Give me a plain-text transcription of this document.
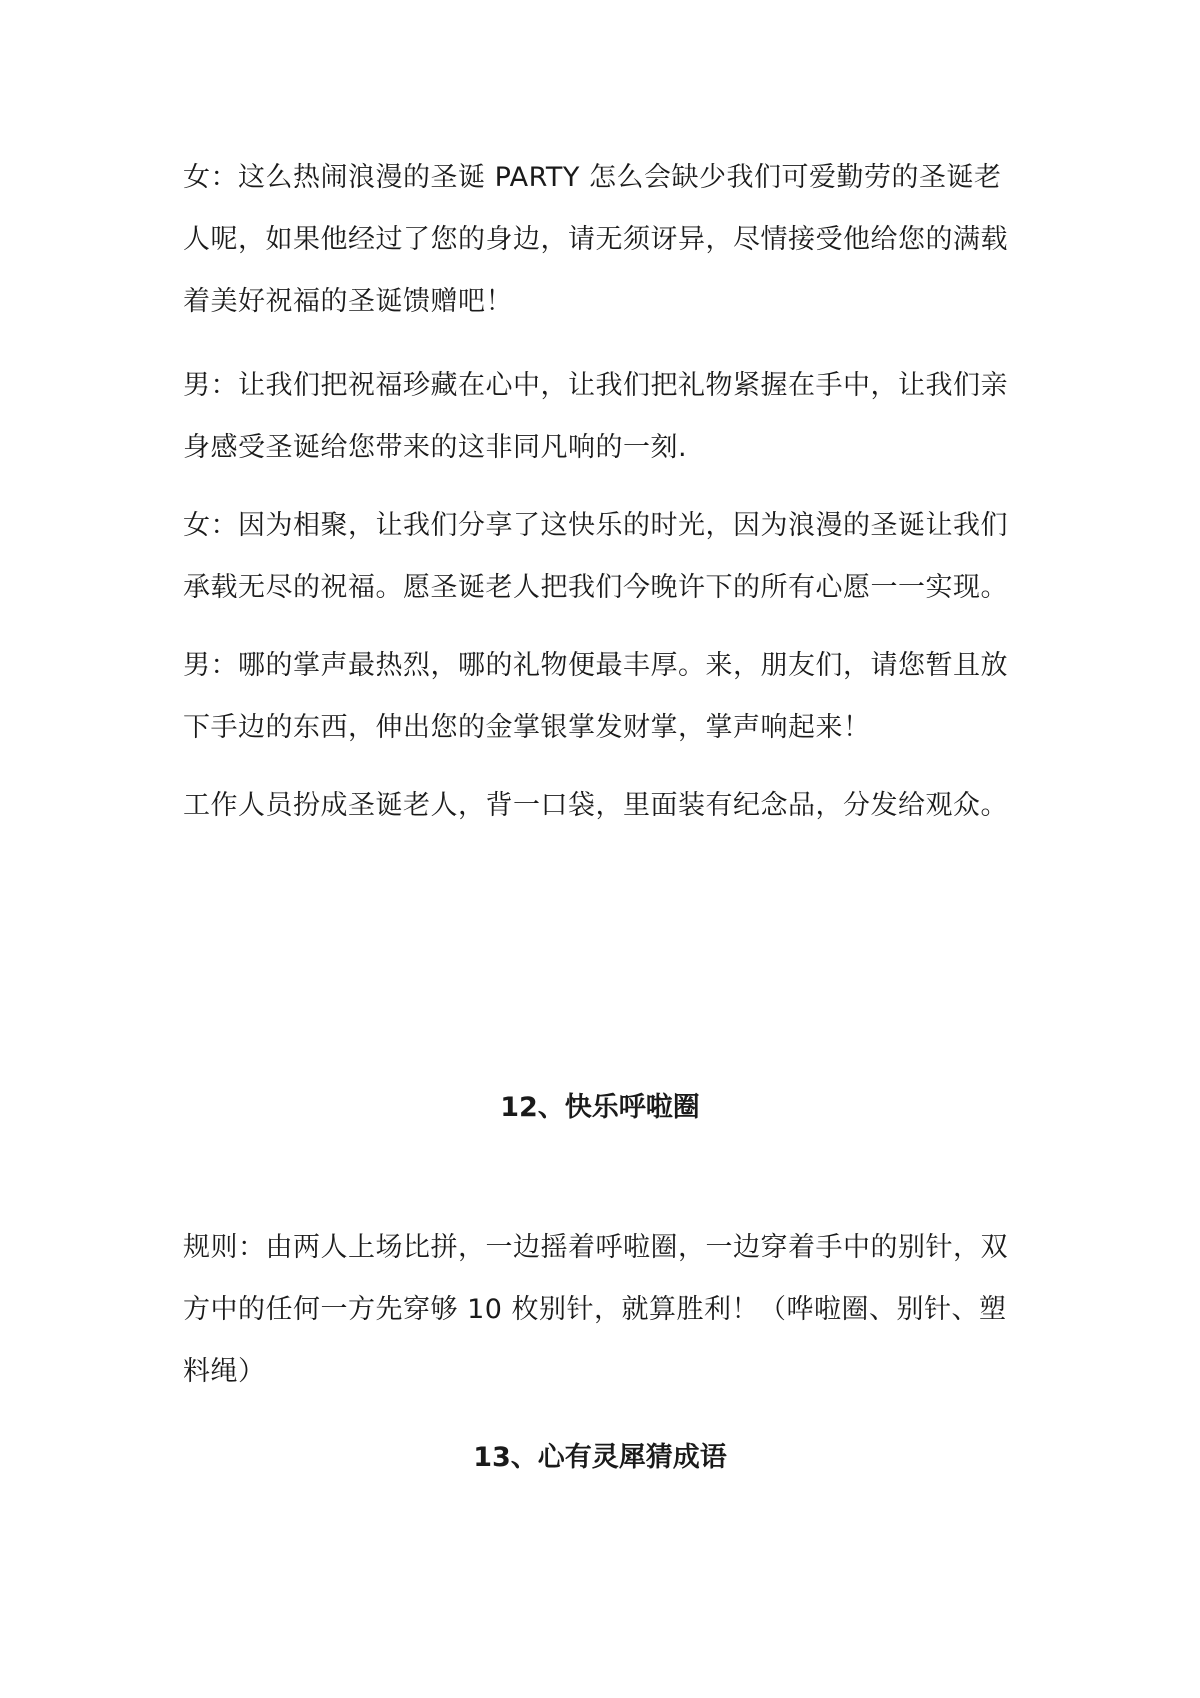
女：这么热闹浪漫的圣诞 PARTY 怎么会缺少我们可爱勤劳的圣诞老

人呢，如果他经过了您的身边，请无须讶异，尽情接受他给您的满载

着美好祝福的圣诞馈赠吧！

男：让我们把祝福珍藏在心中，让我们把礼物紧握在手中，让我们亲

身感受圣诞给您带来的这非同凡响的一刻.

女：因为相聚，让我们分享了这快乐的时光，因为浪漫的圣诞让我们

承载无尽的祝福。愿圣诞老人把我们今晚许下的所有心愿一一实现。

男：哪的掌声最热烈，哪的礼物便最丰厚。来，朋友们，请您暂且放

下手边的东西，伸出您的金掌银掌发财掌，掌声响起来！

工作人员扮成圣诞老人，背一口袋，里面装有纪念品，分发给观众。

12、快乐呼啦圈

规则：由两人上场比拼，一边摇着呼啦圈，一边穿着手中的别针，双

方中的任何一方先穿够 10 枚别针，就算胜利！（哗啦圈、别针、塑

料绳）

13、心有灵犀猜成语
